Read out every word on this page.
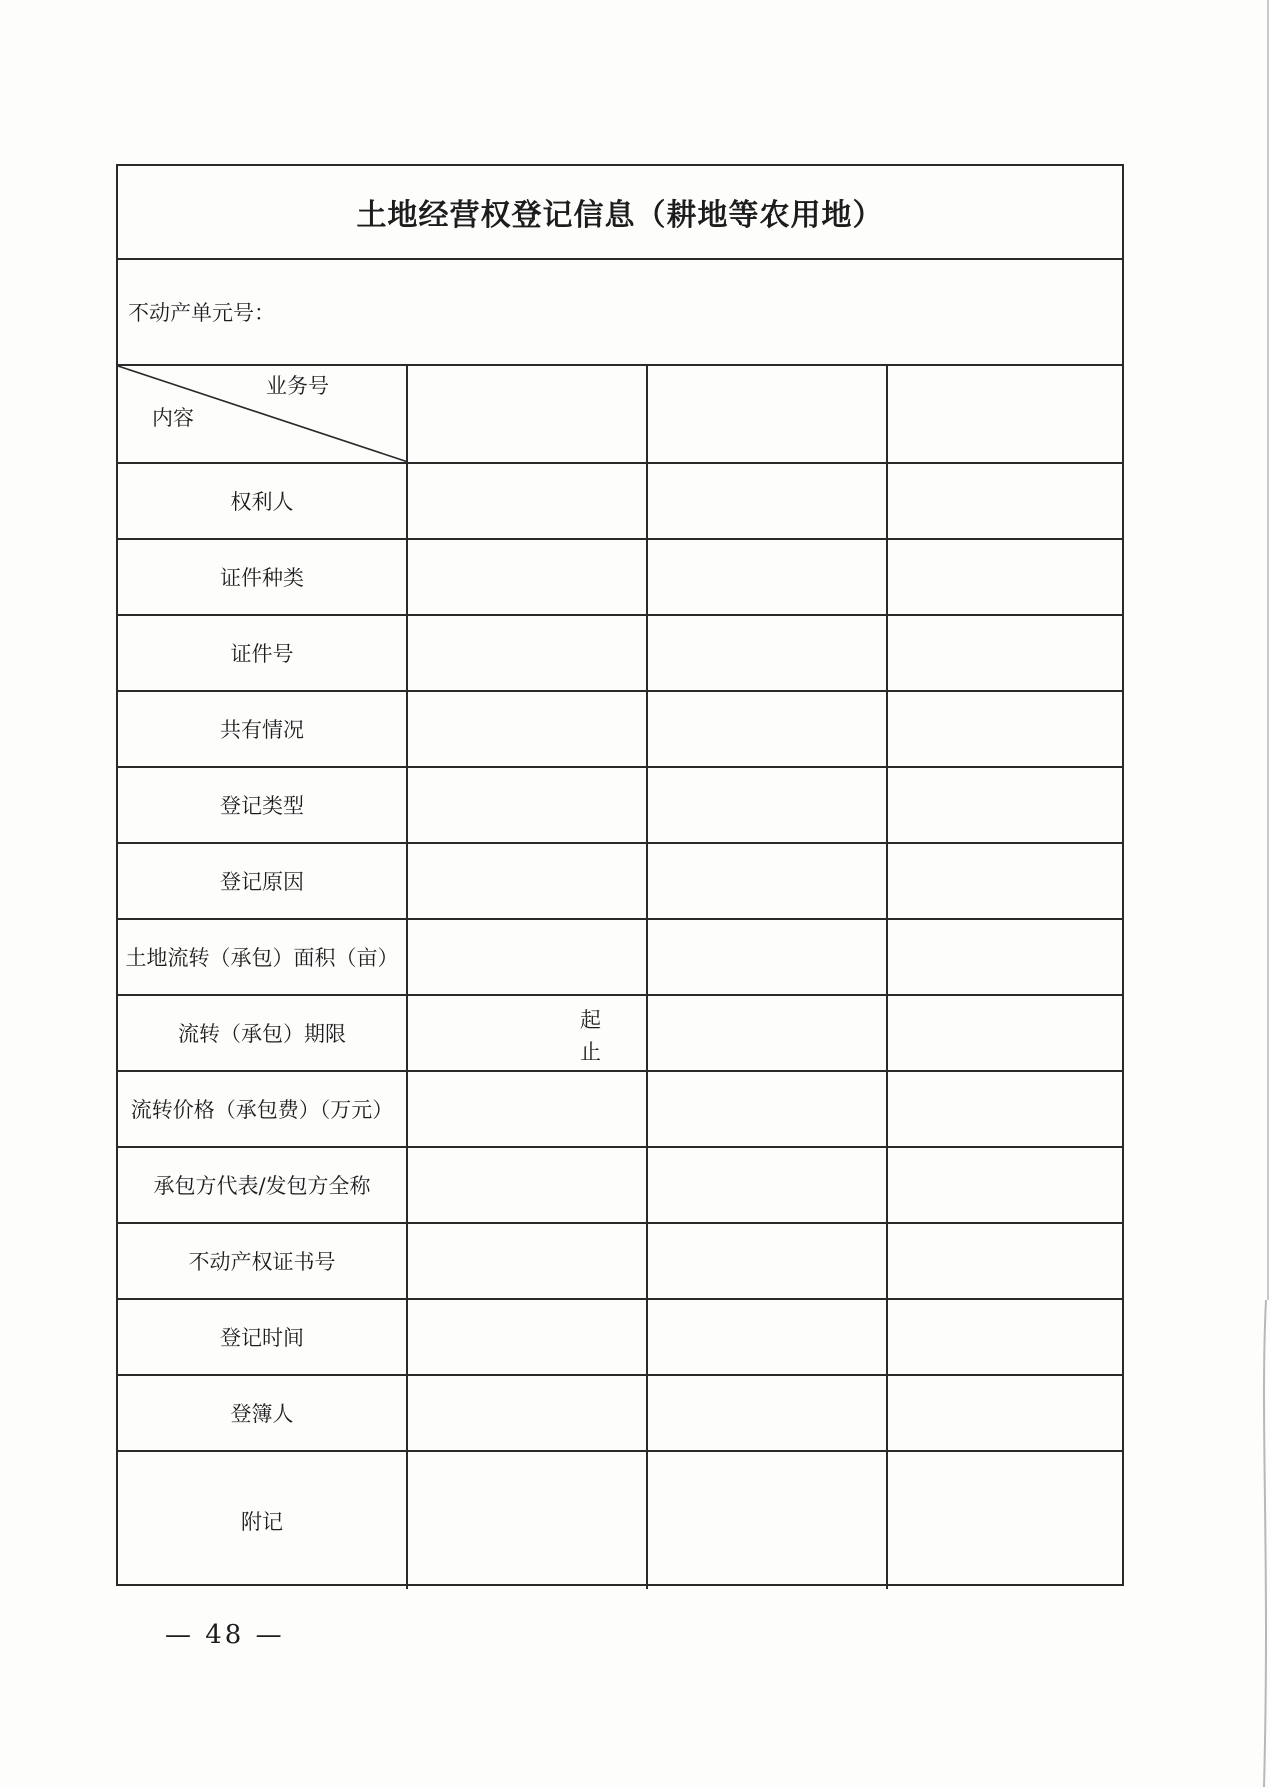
土地经营权登记信息（耕地等农用地）
不动产单元号：
业务号
内容
权利人
证件种类
证件号
共有情况
登记类型
登记原因
土地流转（承包）面积（亩）
流转（承包）期限
起
止
流转价格（承包费）（万元）
承包方代表/发包方全称
不动产权证书号
登记时间
登簿人
附记
— 48 —
